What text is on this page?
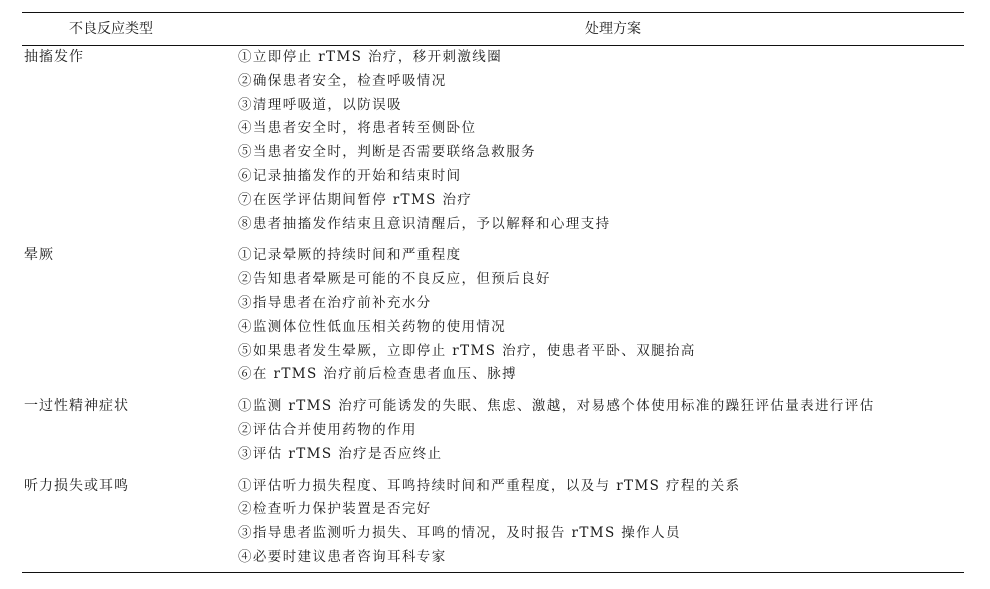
不良反应类型	处理方案
抽搐发作	①立即停止 rTMS 治疗，移开刺激线圈
②确保患者安全，检查呼吸情况
③清理呼吸道，以防误吸
④当患者安全时，将患者转至侧卧位
⑤当患者安全时，判断是否需要联络急救服务
⑥记录抽搐发作的开始和结束时间
⑦在医学评估期间暂停 rTMS 治疗
⑧患者抽搐发作结束且意识清醒后，予以解释和心理支持
晕厥	①记录晕厥的持续时间和严重程度
②告知患者晕厥是可能的不良反应，但预后良好
③指导患者在治疗前补充水分
④监测体位性低血压相关药物的使用情况
⑤如果患者发生晕厥，立即停止 rTMS 治疗，使患者平卧、双腿抬高
⑥在 rTMS 治疗前后检查患者血压、脉搏
一过性精神症状	①监测 rTMS 治疗可能诱发的失眠、焦虑、激越，对易感个体使用标准的躁狂评估量表进行评估
②评估合并使用药物的作用
③评估 rTMS 治疗是否应终止
听力损失或耳鸣	①评估听力损失程度、耳鸣持续时间和严重程度，以及与 rTMS 疗程的关系
②检查听力保护装置是否完好
③指导患者监测听力损失、耳鸣的情况，及时报告 rTMS 操作人员
④必要时建议患者咨询耳科专家
